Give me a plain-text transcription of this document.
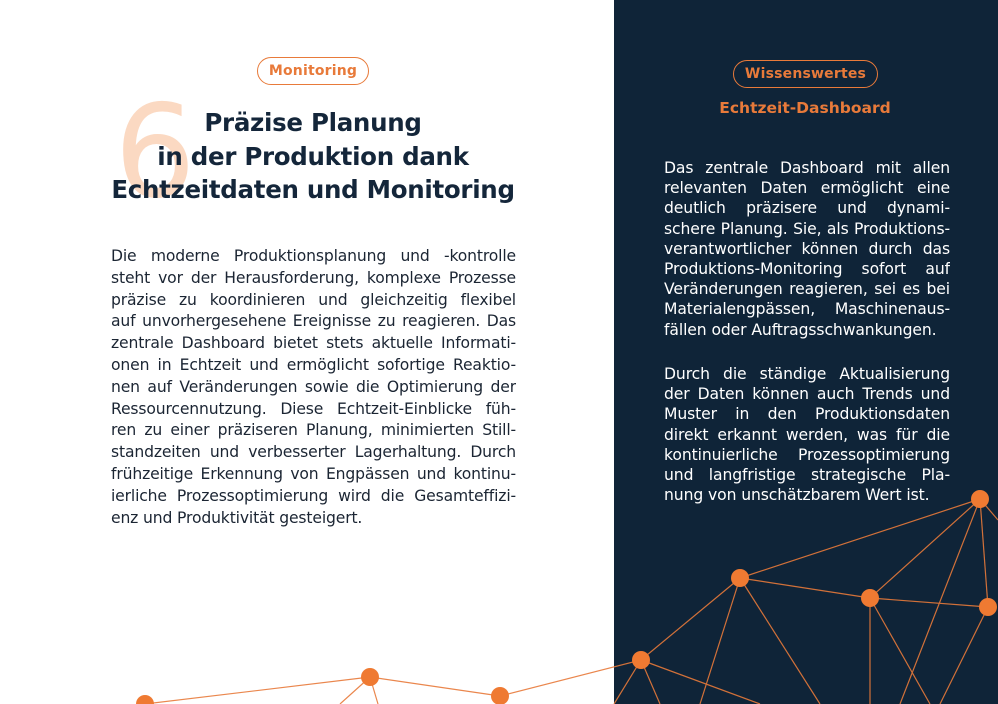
Monitoring
6 Präzise Planung
in der Produktion dank
Echtzeitdaten und Monitoring
Die moderne Produktionsplanung und -kontrolle
steht vor der Herausforderung, komplexe Prozesse
präzise zu koordinieren und gleichzeitig flexibel
auf unvorhergesehene Ereignisse zu reagieren. Das
zentrale Dashboard bietet stets aktuelle Informati-
onen in Echtzeit und ermöglicht sofortige Reaktio-
nen auf Veränderungen sowie die Optimierung der
Ressourcennutzung. Diese Echtzeit-Einblicke füh-
ren zu einer präziseren Planung, minimierten Still-
standzeiten und verbesserter Lagerhaltung. Durch
frühzeitige Erkennung von Engpässen und kontinu-
ierliche Prozessoptimierung wird die Gesamteffizi-
enz und Produktivität gesteigert.
Wissenswertes
Echtzeit-Dashboard
Das zentrale Dashboard mit allen
relevanten Daten ermöglicht eine
deutlich präzisere und dynami-
schere Planung. Sie, als Produktions-
verantwortlicher können durch das
Produktions-Monitoring sofort auf
Veränderungen reagieren, sei es bei
Materialengpässen, Maschinenaus-
fällen oder Auftragsschwankungen.
Durch die ständige Aktualisierung
der Daten können auch Trends und
Muster in den Produktionsdaten
direkt erkannt werden, was für die
kontinuierliche Prozessoptimierung
und langfristige strategische Pla-
nung von unschätzbarem Wert ist.
